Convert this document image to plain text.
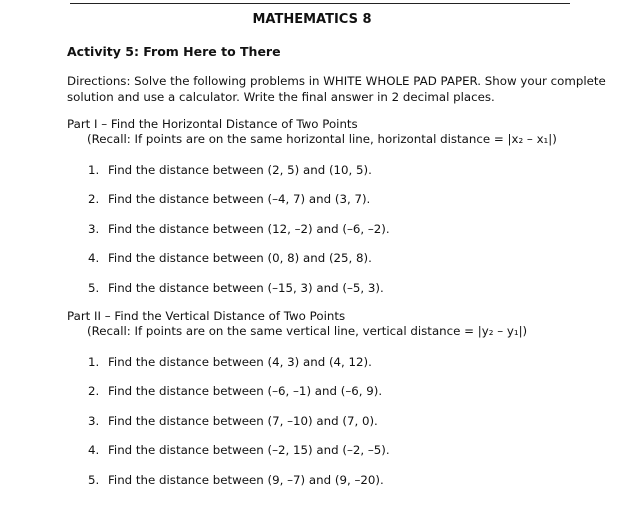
MATHEMATICS 8
Activity 5: From Here to There
Directions: Solve the following problems in WHITE WHOLE PAD PAPER. Show your complete
solution and use a calculator. Write the final answer in 2 decimal places.
Part I – Find the Horizontal Distance of Two Points
(Recall: If points are on the same horizontal line, horizontal distance = |x₂ – x₁|)
1. Find the distance between (2, 5) and (10, 5).
2. Find the distance between (–4, 7) and (3, 7).
3. Find the distance between (12, –2) and (–6, –2).
4. Find the distance between (0, 8) and (25, 8).
5. Find the distance between (–15, 3) and (–5, 3).
Part II – Find the Vertical Distance of Two Points
(Recall: If points are on the same vertical line, vertical distance = |y₂ – y₁|)
1. Find the distance between (4, 3) and (4, 12).
2. Find the distance between (–6, –1) and (–6, 9).
3. Find the distance between (7, –10) and (7, 0).
4. Find the distance between (–2, 15) and (–2, –5).
5. Find the distance between (9, –7) and (9, –20).
